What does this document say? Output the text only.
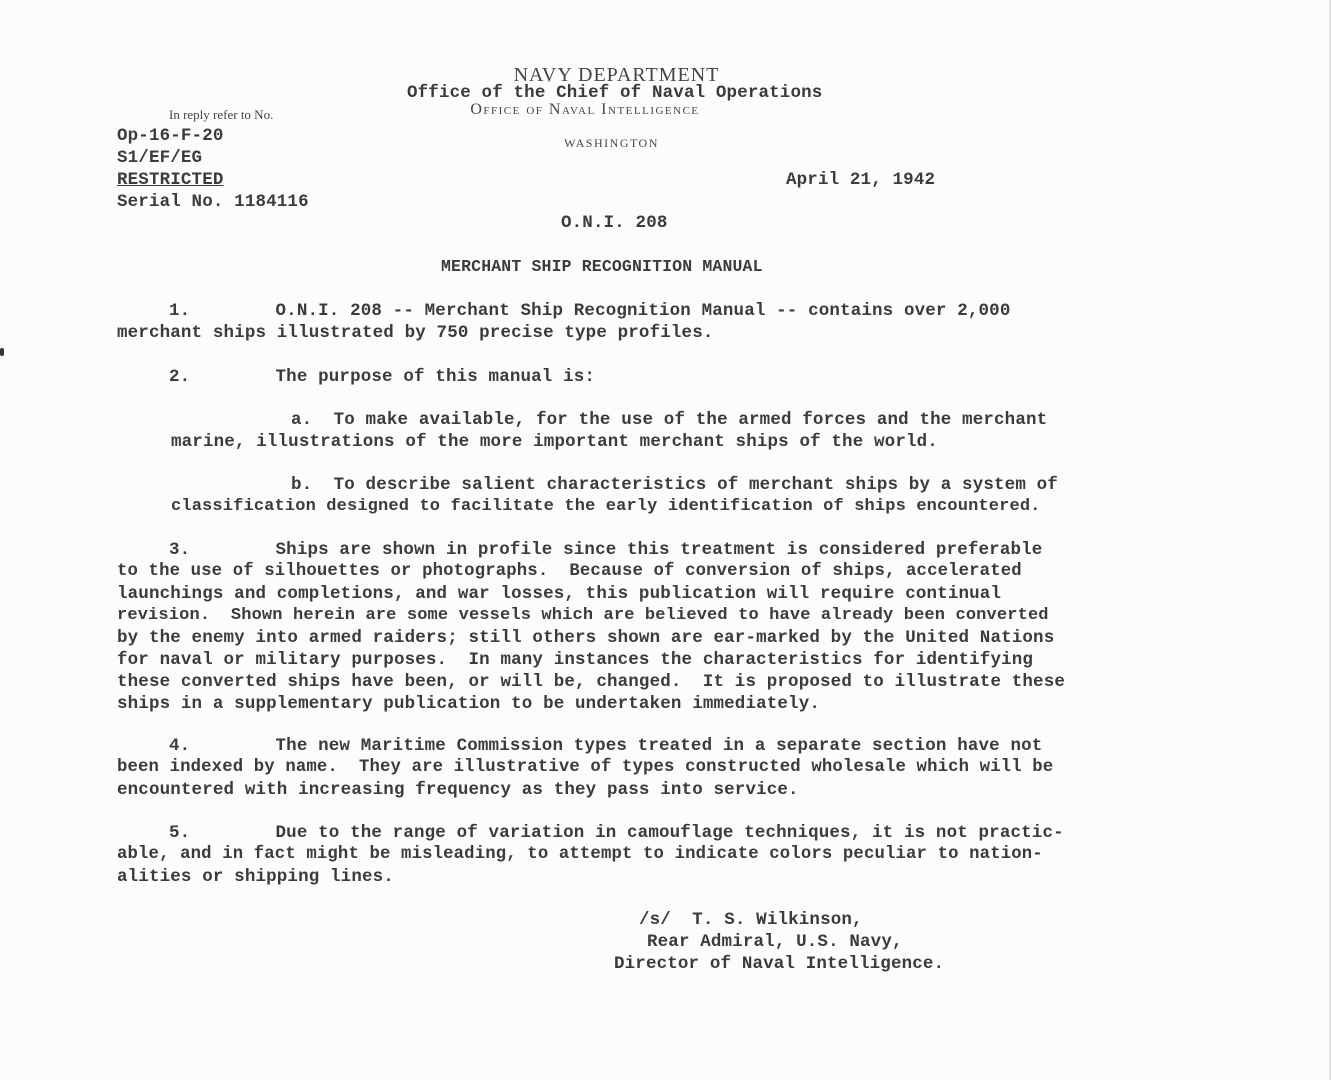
NAVY DEPARTMENT
Office of the Chief of Naval Operations
Office of Naval Intelligence
WASHINGTON
In reply refer to No.
Op-16-F-20
S1/EF/EG
RESTRICTED
Serial No. 1184116
April 21, 1942
O.N.I. 208
MERCHANT SHIP RECOGNITION MANUAL
1.        O.N.I. 208 -- Merchant Ship Recognition Manual -- contains over 2,000
merchant ships illustrated by 750 precise type profiles.
2.        The purpose of this manual is:
a.  To make available, for the use of the armed forces and the merchant
marine, illustrations of the more important merchant ships of the world.
b.  To describe salient characteristics of merchant ships by a system of
classification designed to facilitate the early identification of ships encountered.
3.        Ships are shown in profile since this treatment is considered preferable
to the use of silhouettes or photographs.  Because of conversion of ships, accelerated
launchings and completions, and war losses, this publication will require continual
revision.  Shown herein are some vessels which are believed to have already been converted
by the enemy into armed raiders; still others shown are ear-marked by the United Nations
for naval or military purposes.  In many instances the characteristics for identifying
these converted ships have been, or will be, changed.  It is proposed to illustrate these
ships in a supplementary publication to be undertaken immediately.
4.        The new Maritime Commission types treated in a separate section have not
been indexed by name.  They are illustrative of types constructed wholesale which will be
encountered with increasing frequency as they pass into service.
5.        Due to the range of variation in camouflage techniques, it is not practic-
able, and in fact might be misleading, to attempt to indicate colors peculiar to nation-
alities or shipping lines.
/s/  T. S. Wilkinson,
Rear Admiral, U.S. Navy,
Director of Naval Intelligence.
